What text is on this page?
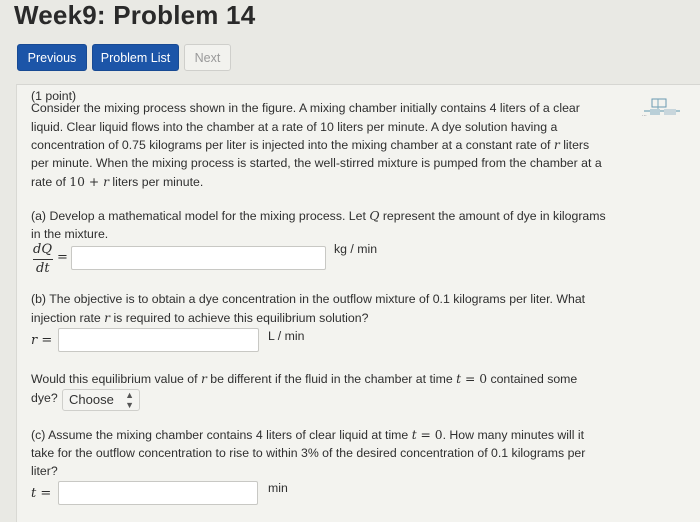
Week9: Problem 14
Previous	Problem List	Next
···
(1 point)
Consider the mixing process shown in the figure. A mixing chamber initially contains 4 liters of a clear
liquid. Clear liquid flows into the chamber at a rate of 10 liters per minute. A dye solution having a
concentration of 0.75 kilograms per liter is injected into the mixing chamber at a constant rate of r liters
per minute. When the mixing process is started, the well-stirred mixture is pumped from the chamber at a
rate of 10 + r liters per minute.
(a) Develop a mathematical model for the mixing process. Let Q represent the amount of dye in kilograms
in the mixture.
dQ
dt
=
kg / min
(b) The objective is to obtain a dye concentration in the outflow mixture of 0.1 kilograms per liter. What
injection rate r is required to achieve this equilibrium solution?
r =	L / min
Would this equilibrium value of r be different if the fluid in the chamber at time t = 0 contained some
dye? Choose ▲
▼
(c) Assume the mixing chamber contains 4 liters of clear liquid at time t = 0. How many minutes will it
take for the outflow concentration to rise to within 3% of the desired concentration of 0.1 kilograms per
liter?
t =	min
